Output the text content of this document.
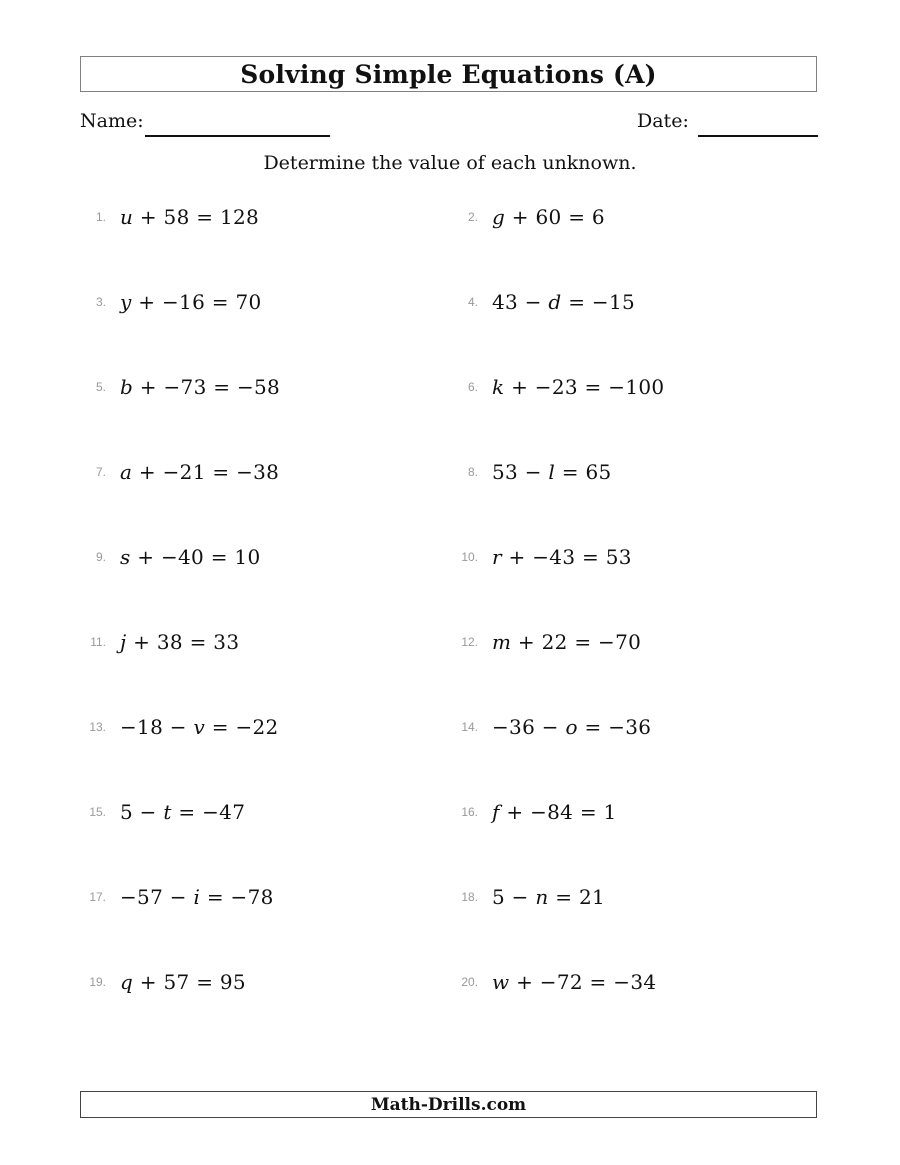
Solving Simple Equations (A)
Name:	Date:
Determine the value of each unknown.
1. u + 58 = 128	2. g + 60 = 6
3. y + −16 = 70	4. 43 − d = −15
5. b + −73 = −58	6. k + −23 = −100
7. a + −21 = −38	8. 53 − l = 65
9. s + −40 = 10	10. r + −43 = 53
11. j + 38 = 33	12. m + 22 = −70
13. −18 − v = −22	14. −36 − o = −36
15. 5 − t = −47	16. f + −84 = 1
17. −57 − i = −78	18. 5 − n = 21
19. q + 57 = 95	20. w + −72 = −34
Math-Drills.com
